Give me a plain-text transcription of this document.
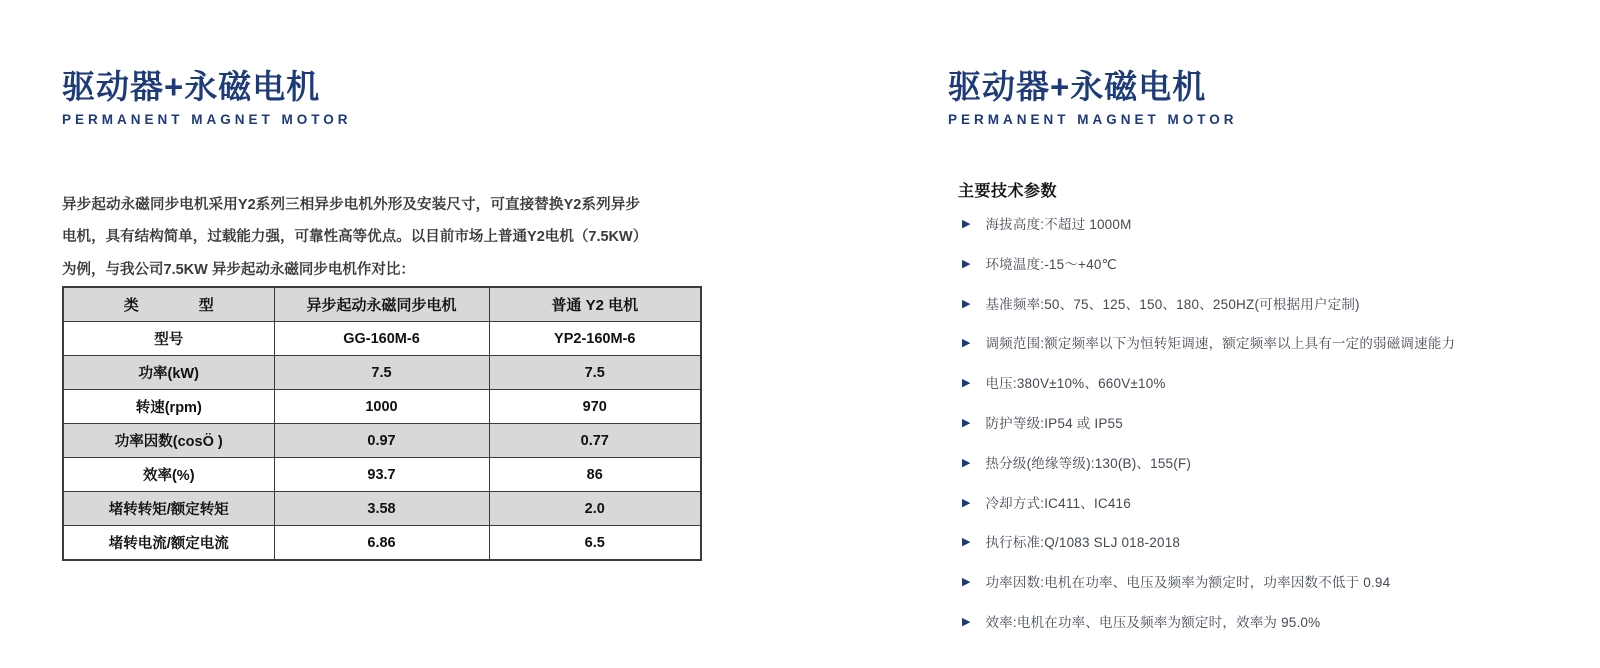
驱动器+永磁电机
PERMANENT MAGNET MOTOR

异步起动永磁同步电机采用Y2系列三相异步电机外形及安装尺寸，可直接替换Y2系列异步电机，具有结构简单，过载能力强，可靠性高等优点。以目前市场上普通Y2电机（7.5KW）为例，与我公司7.5KW 异步起动永磁同步电机作对比：

类　　　　型	异步起动永磁同步电机	普通 Y2 电机
型号	GG-160M-6	YP2-160M-6
功率(kW)	7.5	7.5
转速(rpm)	1000	970
功率因数(cosÖ )	0.97	0.77
效率(%)	93.7	86
堵转转矩/额定转矩	3.58	2.0
堵转电流/额定电流	6.86	6.5
驱动器+永磁电机
PERMANENT MAGNET MOTOR
主要技术参数
▶ 海拔高度:不超过 1000M
▶ 环境温度:-15～+40℃
▶ 基准频率:50、75、125、150、180、250HZ(可根据用户定制)
▶ 调频范围:额定频率以下为恒转矩调速，额定频率以上具有一定的弱磁调速能力
▶ 电压:380V±10%、660V±10%
▶ 防护等级:IP54 或 IP55
▶ 热分级(绝缘等级):130(B)、155(F)
▶ 冷却方式:IC411、IC416
▶ 执行标准:Q/1083 SLJ 018-2018
▶ 功率因数:电机在功率、电压及频率为额定时，功率因数不低于 0.94
▶ 效率:电机在功率、电压及频率为额定时，效率为 95.0%
